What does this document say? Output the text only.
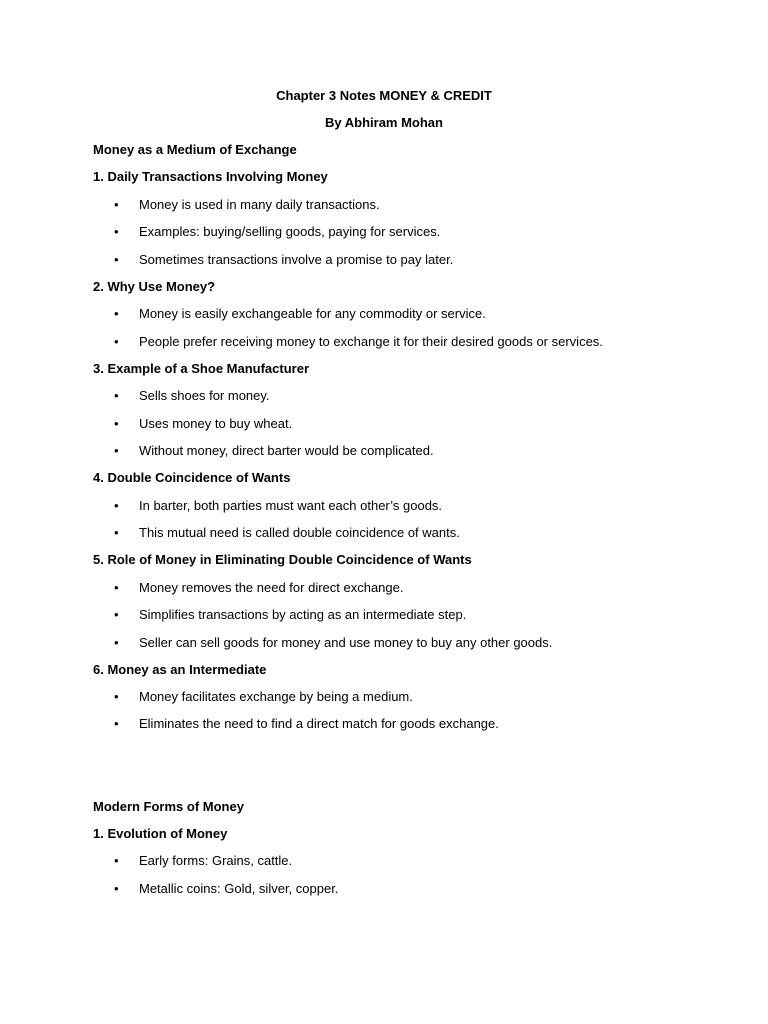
Chapter 3 Notes MONEY & CREDIT
By Abhiram Mohan
Money as a Medium of Exchange
1. Daily Transactions Involving Money
• Money is used in many daily transactions.
• Examples: buying/selling goods, paying for services.
• Sometimes transactions involve a promise to pay later.
2. Why Use Money?
• Money is easily exchangeable for any commodity or service.
• People prefer receiving money to exchange it for their desired goods or services.
3. Example of a Shoe Manufacturer
• Sells shoes for money.
• Uses money to buy wheat.
• Without money, direct barter would be complicated.
4. Double Coincidence of Wants
• In barter, both parties must want each other’s goods.
• This mutual need is called double coincidence of wants.
5. Role of Money in Eliminating Double Coincidence of Wants
• Money removes the need for direct exchange.
• Simplifies transactions by acting as an intermediate step.
• Seller can sell goods for money and use money to buy any other goods.
6. Money as an Intermediate
• Money facilitates exchange by being a medium.
• Eliminates the need to find a direct match for goods exchange.
Modern Forms of Money
1. Evolution of Money
• Early forms: Grains, cattle.
• Metallic coins: Gold, silver, copper.
